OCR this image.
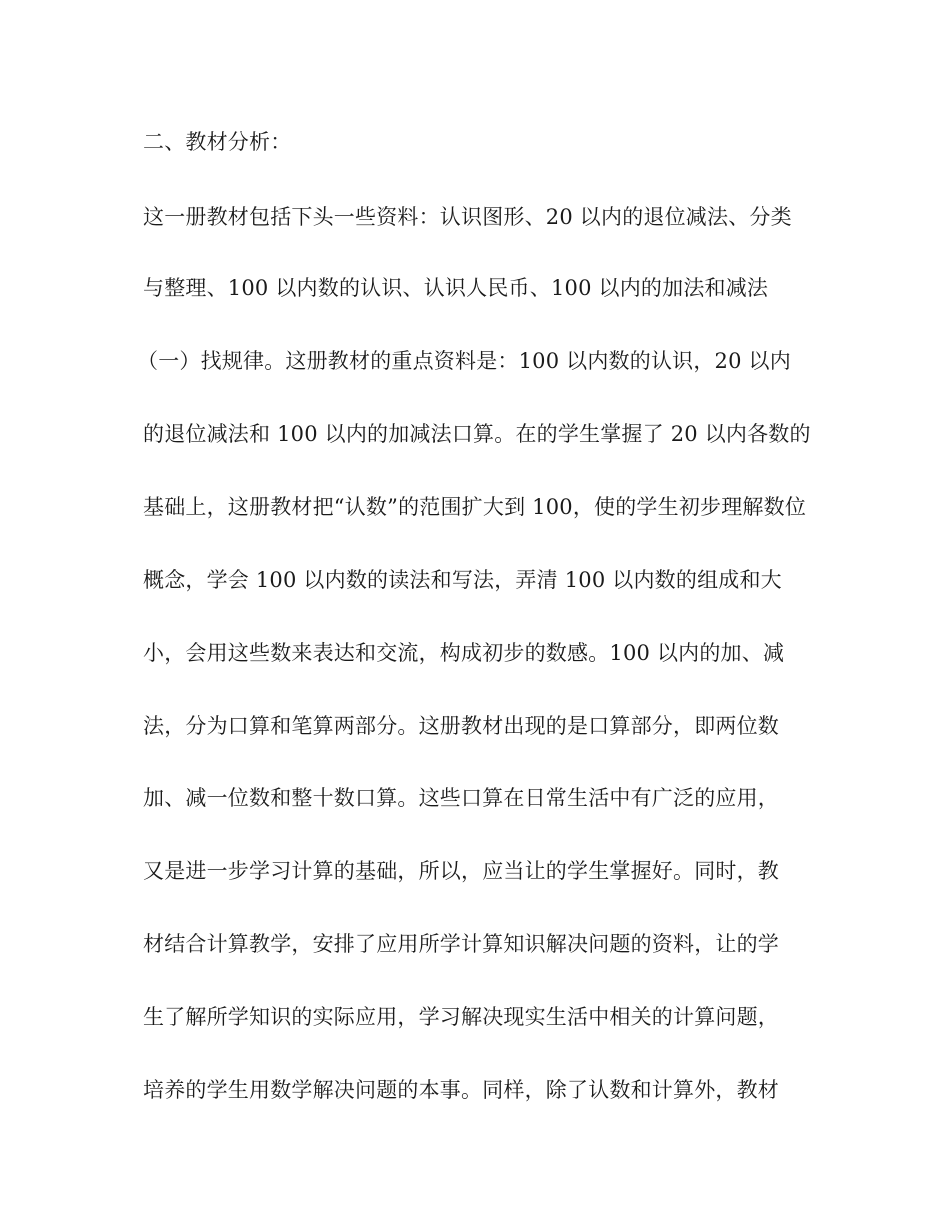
二、教材分析：
这一册教材包括下头一些资料：认识图形、20 以内的退位减法、分类
与整理、100 以内数的认识、认识人民币、100 以内的加法和减法
（一）找规律。这册教材的重点资料是：100 以内数的认识，20 以内
的退位减法和 100 以内的加减法口算。在的学生掌握了 20 以内各数的
基础上，这册教材把“认数”的范围扩大到 100，使的学生初步理解数位
概念，学会 100 以内数的读法和写法，弄清 100 以内数的组成和大
小，会用这些数来表达和交流，构成初步的数感。100 以内的加、减
法，分为口算和笔算两部分。这册教材出现的是口算部分，即两位数
加、减一位数和整十数口算。这些口算在日常生活中有广泛的应用，
又是进一步学习计算的基础，所以，应当让的学生掌握好。同时，教
材结合计算教学，安排了应用所学计算知识解决问题的资料，让的学
生了解所学知识的实际应用，学习解决现实生活中相关的计算问题，
培养的学生用数学解决问题的本事。同样，除了认数和计算外，教材
